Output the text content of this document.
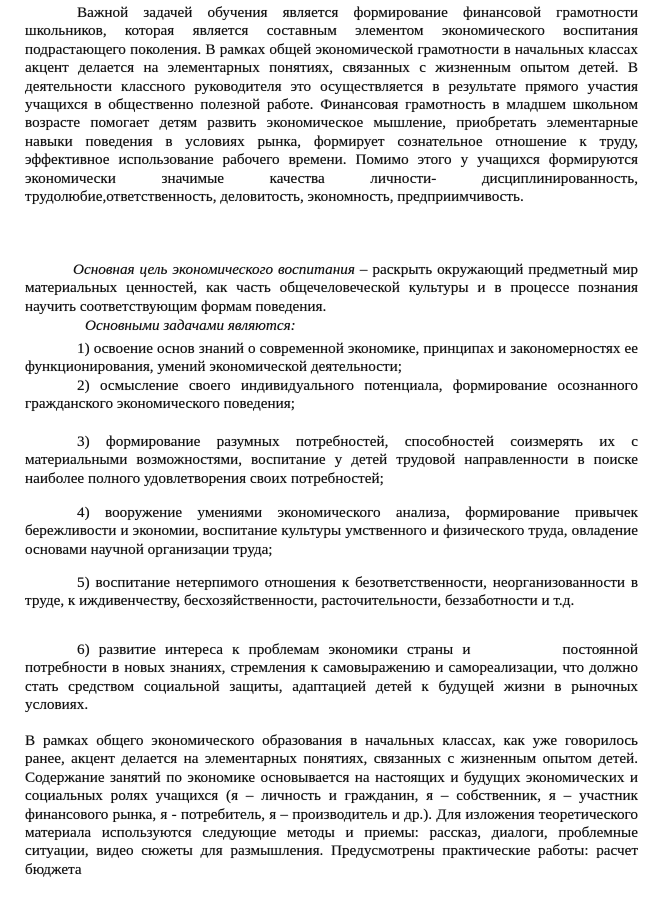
Важной задачей обучения является формирование финансовой грамотности школьников, которая является составным элементом экономического воспитания подрастающего поколения. В рамках общей экономической грамотности в начальных классах акцент делается на элементарных понятиях, связанных с жизненным опытом детей. В деятельности классного руководителя это осуществляется в результате прямого участия учащихся в общественно полезной работе. Финансовая грамотность в младшем школьном возрасте помогает детям развить экономическое мышление, приобретать элементарные навыки поведения в условиях рынка, формирует сознательное отношение к труду, эффективное использование рабочего времени. Помимо этого у учащихся формируются экономически значимые качества личности- дисциплинированность, трудолюбие,ответственность, деловитость, экономность, предприимчивость.

Основная цель экономического воспитания – раскрыть окружающий предметный мир материальных ценностей, как часть общечеловеческой культуры и в процессе познания научить соответствующим формам поведения.

Основными задачами являются:

1) освоение основ знаний о современной экономике, принципах и закономерностях ее функционирования, умений экономической деятельности;

2) осмысление своего индивидуального потенциала, формирование осознанного гражданского экономического поведения;

3) формирование разумных потребностей, способностей соизмерять их с материальными возможностями, воспитание у детей трудовой направленности в поиске наиболее полного удовлетворения своих потребностей;

4) вооружение умениями экономического анализа, формирование привычек бережливости и экономии, воспитание культуры умственного и физического труда, овладение основами научной организации труда;

5) воспитание нетерпимого отношения к безответственности, неорганизованности в труде, к иждивенчеству, бесхозяйственности, расточительности, беззаботности и т.д.

6) развитие интереса к проблемам экономики страны и	постоянной потребности в новых знаниях, стремления к самовыражению и самореализации, что должно стать средством социальной защиты, адаптацией детей к будущей жизни в рыночных условиях.

В рамках общего экономического образования в начальных классах, как уже говорилось ранее, акцент делается на элементарных понятиях, связанных с жизненным опытом детей. Содержание занятий по экономике основывается на настоящих и будущих экономических и социальных ролях учащихся (я – личность и гражданин, я – собственник, я – участник финансового рынка, я - потребитель, я – производитель и др.). Для изложения теоретического материала используются следующие методы и приемы: рассказ, диалоги, проблемные ситуации, видео сюжеты для размышления. Предусмотрены практические работы: расчет бюджета
